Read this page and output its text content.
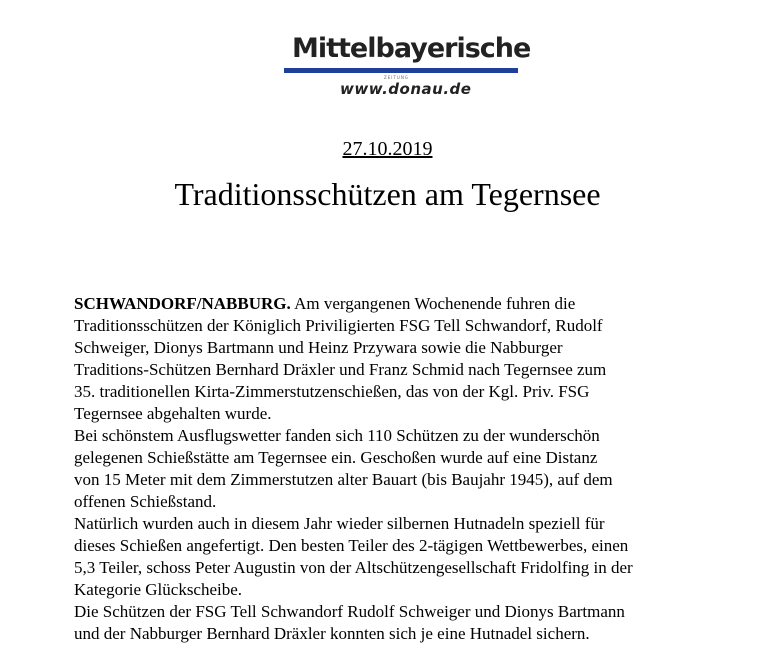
Mittelbayerische
ZEITUNG
www.donau.de
27.10.2019
Traditionsschützen am Tegernsee
SCHWANDORF/NABBURG. Am vergangenen Wochenende fuhren die
Traditionsschützen der Königlich Priviligierten FSG Tell Schwandorf, Rudolf
Schweiger, Dionys Bartmann und Heinz Przywara sowie die Nabburger
Traditions-Schützen Bernhard Dräxler und Franz Schmid nach Tegernsee zum
35. traditionellen Kirta-Zimmerstutzenschießen, das von der Kgl. Priv. FSG
Tegernsee abgehalten wurde.
Bei schönstem Ausflugswetter fanden sich 110 Schützen zu der wunderschön
gelegenen Schießstätte am Tegernsee ein. Geschoßen wurde auf eine Distanz
von 15 Meter mit dem Zimmerstutzen alter Bauart (bis Baujahr 1945), auf dem
offenen Schießstand.
Natürlich wurden auch in diesem Jahr wieder silbernen Hutnadeln speziell für
dieses Schießen angefertigt. Den besten Teiler des 2-tägigen Wettbewerbes, einen
5,3 Teiler, schoss Peter Augustin von der Altschützengesellschaft Fridolfing in der
Kategorie Glückscheibe.
Die Schützen der FSG Tell Schwandorf Rudolf Schweiger und Dionys Bartmann
und der Nabburger Bernhard Dräxler konnten sich je eine Hutnadel sichern.
